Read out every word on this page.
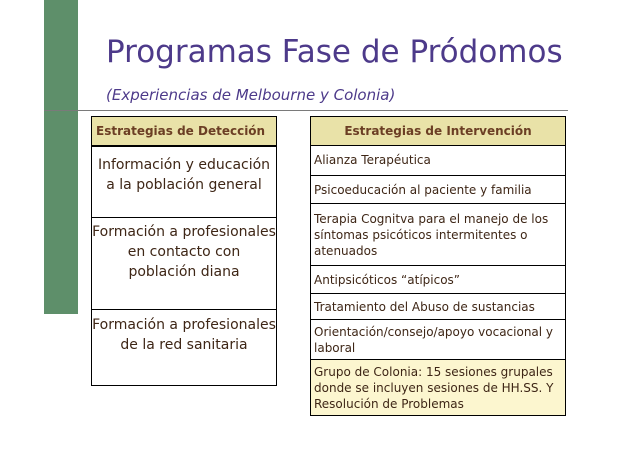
Programas Fase de Pródomos

(Experiencias de Melbourne y Colonia)

Estrategias de Detección
Información y educación a la población general
Formación a profesionales en contacto con población diana
Formación a profesionales de la red sanitaria
Estrategias de Intervención
Alianza Terapéutica
Psicoeducación al paciente y familia
Terapia Cognitva para el manejo de los síntomas psicóticos intermitentes o atenuados
Antipsicóticos “atípicos”
Tratamiento del Abuso de sustancias
Orientación/consejo/apoyo vocacional y laboral
Grupo de Colonia: 15 sesiones grupales donde se incluyen sesiones de HH.SS. Y Resolución de Problemas
